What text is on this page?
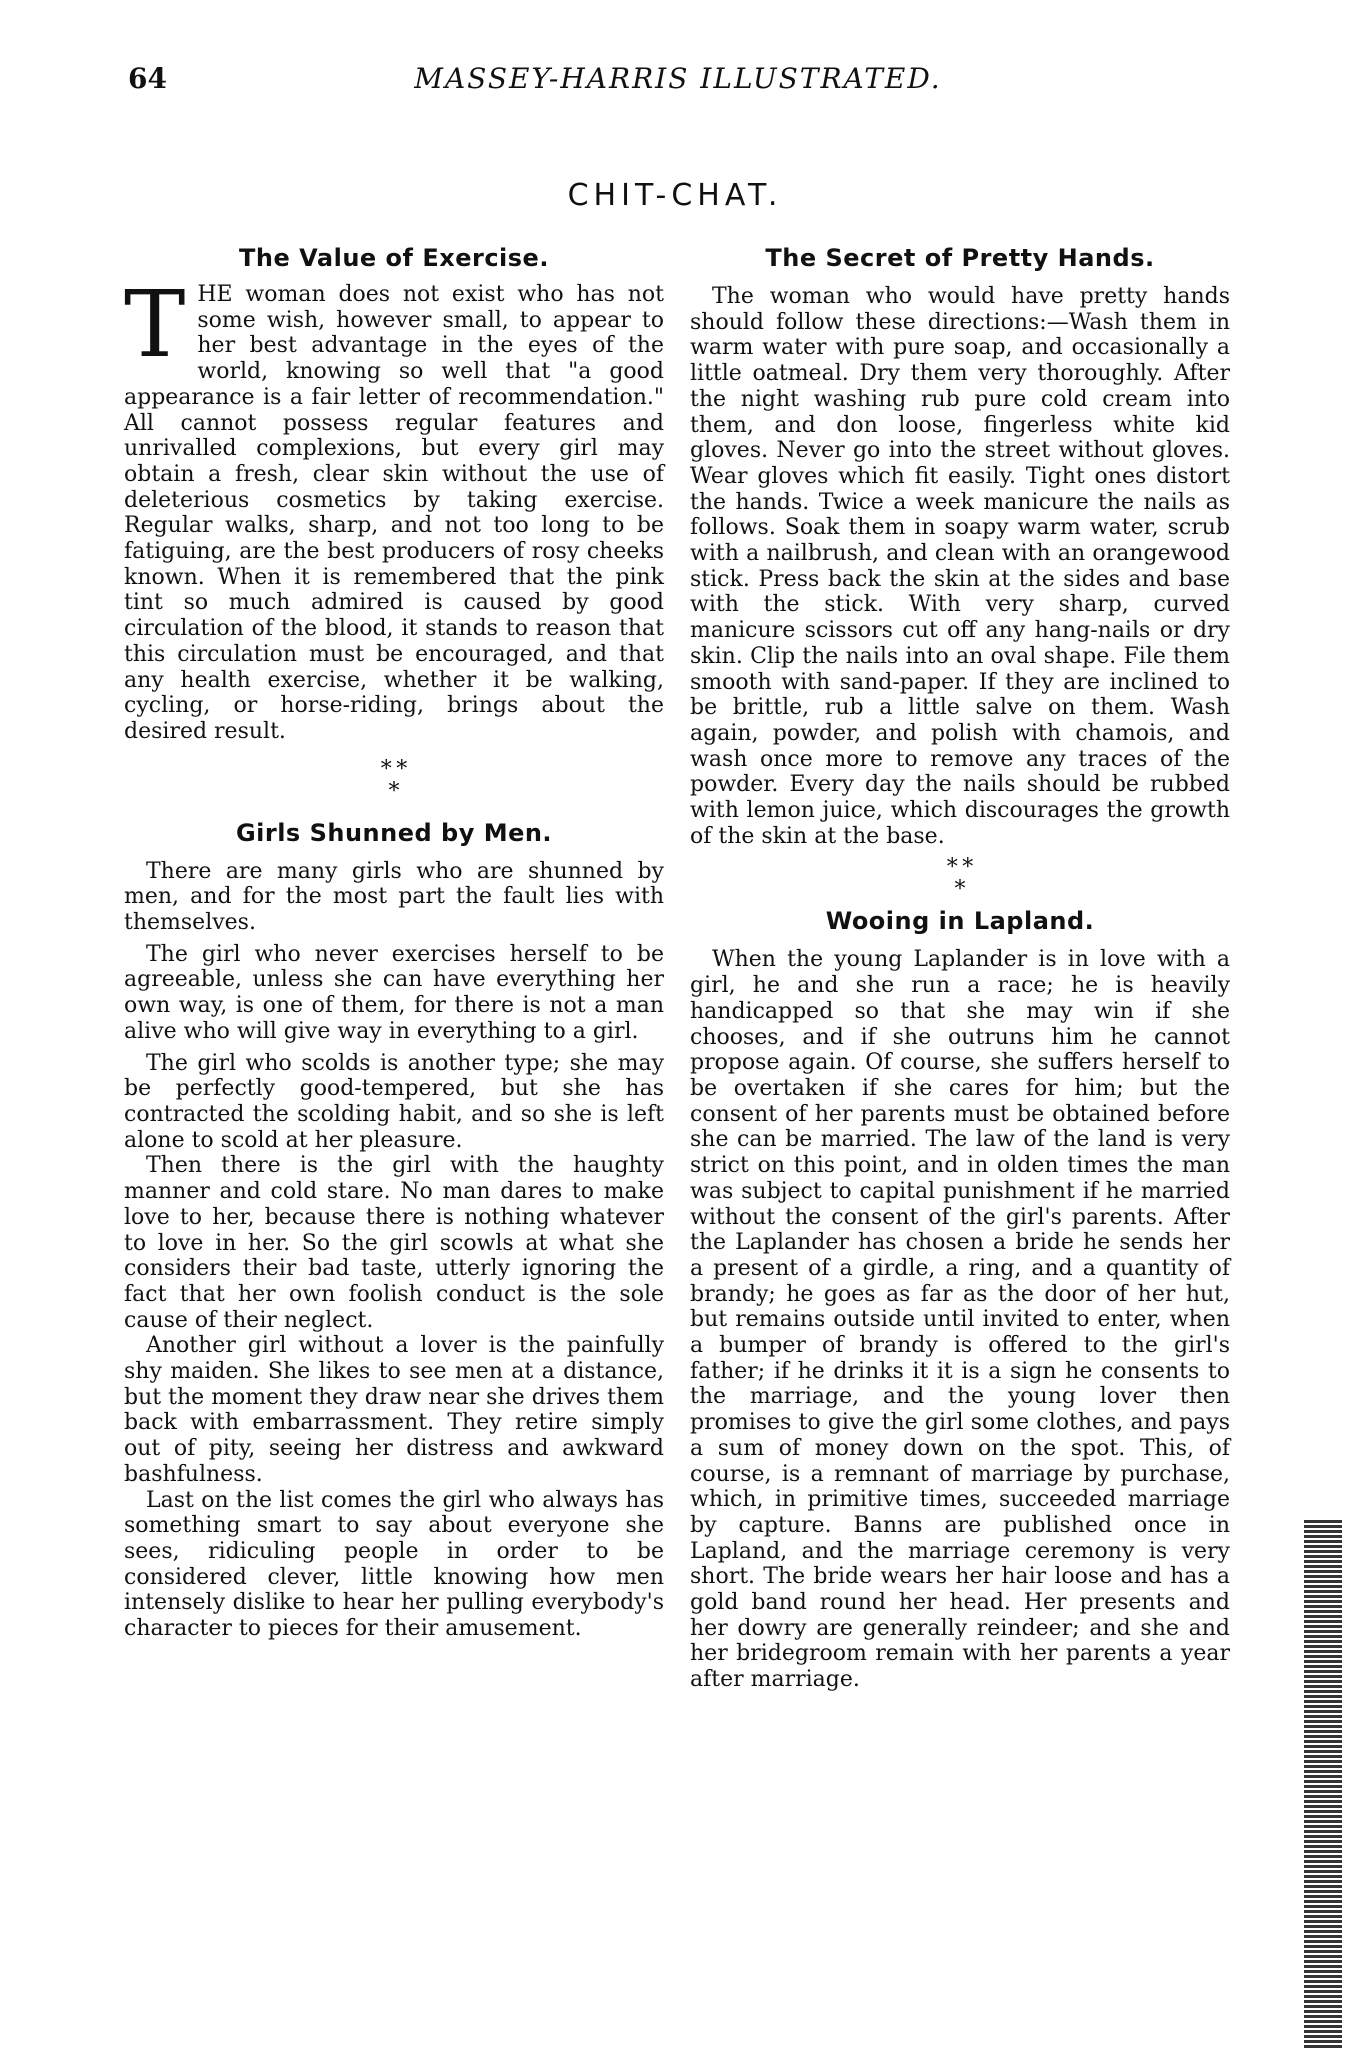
64	MASSEY-HARRIS ILLUSTRATED.
CHIT-CHAT.
The Value of Exercise.

THE woman does not exist who has not some wish, however small, to appear to her best advantage in the eyes of the world, knowing so well that "a good appearance is a fair letter of recommendation." All cannot possess regular features and unrivalled complexions, but every girl may obtain a fresh, clear skin without the use of deleterious cosmetics by taking exercise. Regular walks, sharp, and not too long to be fatiguing, are the best producers of rosy cheeks known. When it is remembered that the pink tint so much admired is caused by good circulation of the blood, it stands to reason that this circulation must be encouraged, and that any health exercise, whether it be walking, cycling, or horse-riding, brings about the desired result.

* *
*
Girls Shunned by Men.

There are many girls who are shunned by men, and for the most part the fault lies with themselves.

The girl who never exercises herself to be agreeable, unless she can have everything her own way, is one of them, for there is not a man alive who will give way in everything to a girl.

The girl who scolds is another type; she may be perfectly good-tempered, but she has contracted the scolding habit, and so she is left alone to scold at her pleasure.

Then there is the girl with the haughty manner and cold stare. No man dares to make love to her, because there is nothing whatever to love in her. So the girl scowls at what she considers their bad taste, utterly ignoring the fact that her own foolish conduct is the sole cause of their neglect.

Another girl without a lover is the painfully shy maiden. She likes to see men at a distance, but the moment they draw near she drives them back with embarrassment. They retire simply out of pity, seeing her distress and awkward bashfulness.

Last on the list comes the girl who always has something smart to say about everyone she sees, ridiculing people in order to be considered clever, little knowing how men intensely dislike to hear her pulling everybody's character to pieces for their amusement.

The Secret of Pretty Hands.

The woman who would have pretty hands should follow these directions:—Wash them in warm water with pure soap, and occasionally a little oatmeal. Dry them very thoroughly. After the night washing rub pure cold cream into them, and don loose, fingerless white kid gloves. Never go into the street without gloves. Wear gloves which fit easily. Tight ones distort the hands. Twice a week manicure the nails as follows. Soak them in soapy warm water, scrub with a nailbrush, and clean with an orangewood stick. Press back the skin at the sides and base with the stick. With very sharp, curved manicure scissors cut off any hang-nails or dry skin. Clip the nails into an oval shape. File them smooth with sand-paper. If they are inclined to be brittle, rub a little salve on them. Wash again, powder, and polish with chamois, and wash once more to remove any traces of the powder. Every day the nails should be rubbed with lemon juice, which discourages the growth of the skin at the base.

* *
*
Wooing in Lapland.

When the young Laplander is in love with a girl, he and she run a race; he is heavily handicapped so that she may win if she chooses, and if she outruns him he cannot propose again. Of course, she suffers herself to be overtaken if she cares for him; but the consent of her parents must be obtained before she can be married. The law of the land is very strict on this point, and in olden times the man was subject to capital punishment if he married without the consent of the girl's parents. After the Laplander has chosen a bride he sends her a present of a girdle, a ring, and a quantity of brandy; he goes as far as the door of her hut, but remains outside until invited to enter, when a bumper of brandy is offered to the girl's father; if he drinks it it is a sign he consents to the marriage, and the young lover then promises to give the girl some clothes, and pays a sum of money down on the spot. This, of course, is a remnant of marriage by purchase, which, in primitive times, succeeded marriage by capture. Banns are published once in Lapland, and the marriage ceremony is very short. The bride wears her hair loose and has a gold band round her head. Her presents and her dowry are generally reindeer; and she and her bridegroom remain with her parents a year after marriage.
